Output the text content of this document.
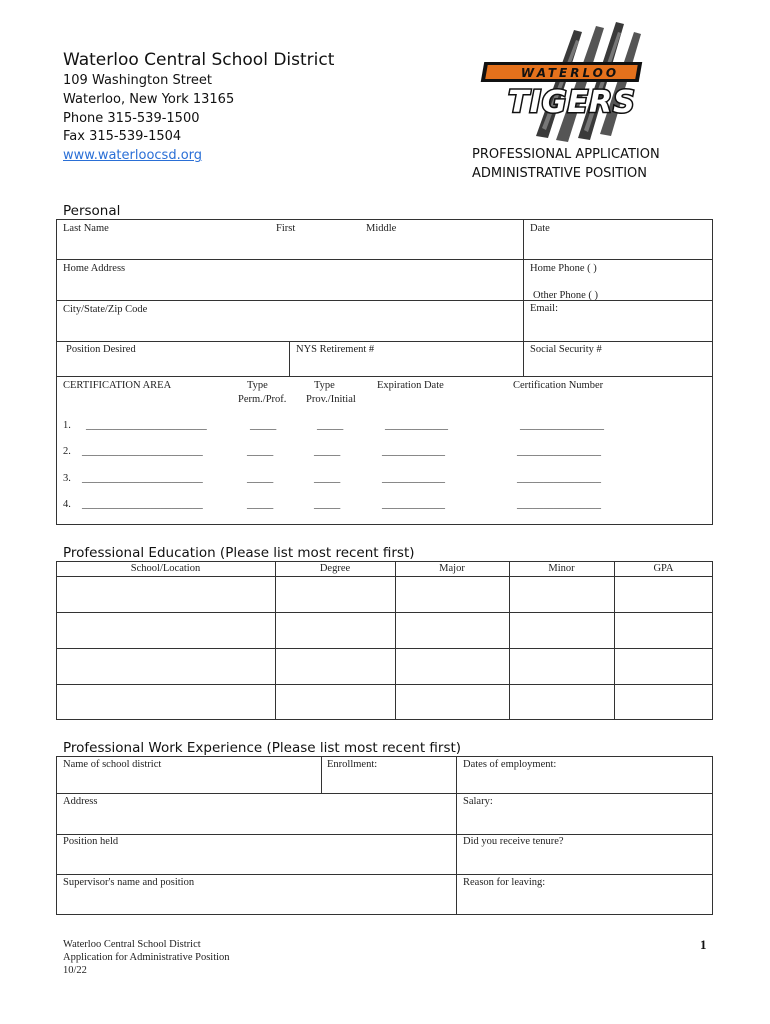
Waterloo Central School District
109 Washington Street
Waterloo, New York 13165
Phone 315-539-1500
Fax 315-539-1504
www.waterloocsd.org
WATERLOO
TIGERS
PROFESSIONAL APPLICATION
ADMINISTRATIVE POSITION
Personal
Last Name	First	Middle	Date
Home Address	Home Phone ( )
Other Phone ( )
City/State/Zip Code	Email:
Position Desired	NYS Retirement #	Social Security #
CERTIFICATION AREA	Type
Perm./Prof.
Type
Prov./Initial
Expiration Date	Certification Number
1. _______________________	_____	_____	____________	________________
2. _______________________	_____	_____	____________	________________
3. _______________________	_____	_____	____________	________________
4. _______________________	_____	_____	____________	________________
Professional Education (Please list most recent first)
School/Location	Degree	Major	Minor	GPA
Professional Work Experience (Please list most recent first)
Name of school district	Enrollment:	Dates of employment:
Address	Salary:
Position held	Did you receive tenure?
Supervisor's name and position	Reason for leaving:
Waterloo Central School District
Application for Administrative Position
10/22
1
